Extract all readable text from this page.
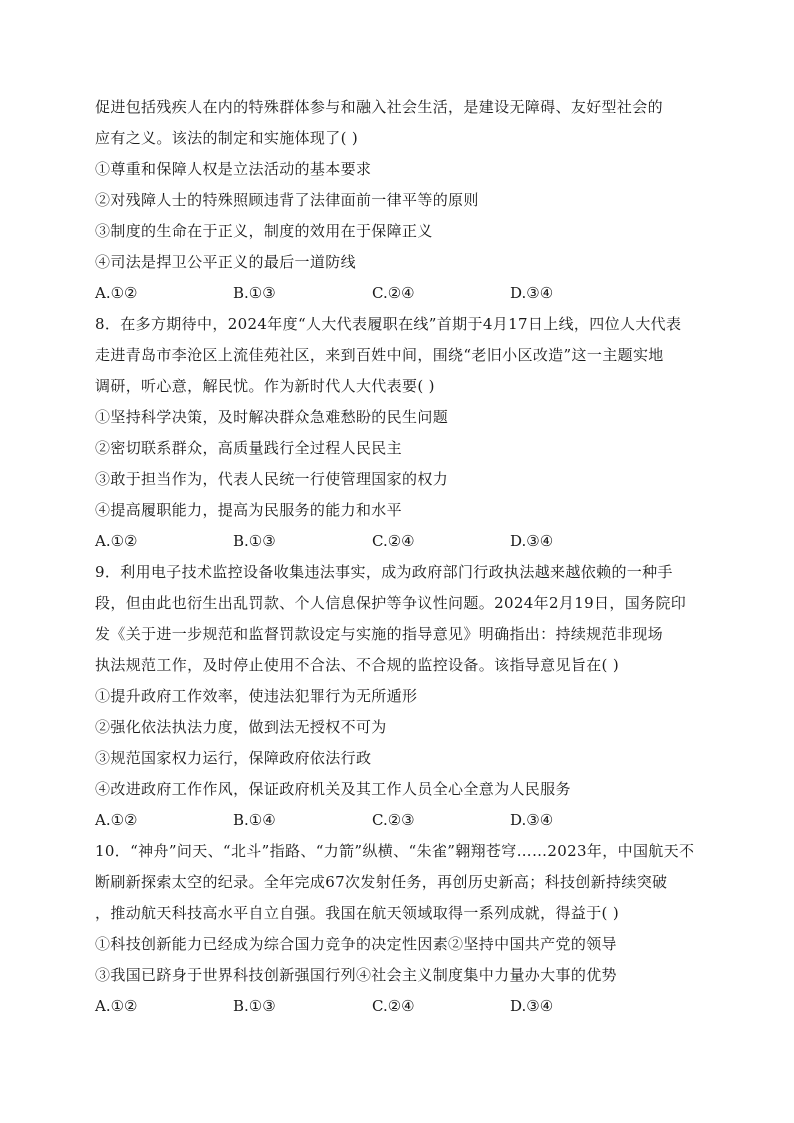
促进包括残疾人在内的特殊群体参与和融入社会生活，是建设无障碍、友好型社会的
应有之义。该法的制定和实施体现了( )
①尊重和保障人权是立法活动的基本要求
②对残障人士的特殊照顾违背了法律面前一律平等的原则
③制度的生命在于正义，制度的效用在于保障正义
④司法是捍卫公平正义的最后一道防线
A.①②	B.①③	C.②④	D.③④
8．在多方期待中，2024年度“人大代表履职在线”首期于4月17日上线，四位人大代表
走进青岛市李沧区上流佳苑社区，来到百姓中间，围绕“老旧小区改造”这一主题实地
调研，听心意，解民忧。作为新时代人大代表要( )
①坚持科学决策，及时解决群众急难愁盼的民生问题
②密切联系群众，高质量践行全过程人民民主
③敢于担当作为，代表人民统一行使管理国家的权力
④提高履职能力，提高为民服务的能力和水平
A.①②	B.①③	C.②④	D.③④
9．利用电子技术监控设备收集违法事实，成为政府部门行政执法越来越依赖的一种手
段，但由此也衍生出乱罚款、个人信息保护等争议性问题。2024年2月19日，国务院印
发《关于进一步规范和监督罚款设定与实施的指导意见》明确指出：持续规范非现场
执法规范工作，及时停止使用不合法、不合规的监控设备。该指导意见旨在( )
①提升政府工作效率，使违法犯罪行为无所遁形
②强化依法执法力度，做到法无授权不可为
③规范国家权力运行，保障政府依法行政
④改进政府工作作风，保证政府机关及其工作人员全心全意为人民服务
A.①②	B.①④	C.②③	D.③④
10．“神舟”问天、“北斗”指路、“力箭”纵横、“朱雀”翱翔苍穹……2023年，中国航天不
断刷新探索太空的纪录。全年完成67次发射任务，再创历史新高；科技创新持续突破
，推动航天科技高水平自立自强。我国在航天领域取得一系列成就，得益于( )
①科技创新能力已经成为综合国力竞争的决定性因素②坚持中国共产党的领导
③我国已跻身于世界科技创新强国行列④社会主义制度集中力量办大事的优势
A.①②	B.①③	C.②④	D.③④
